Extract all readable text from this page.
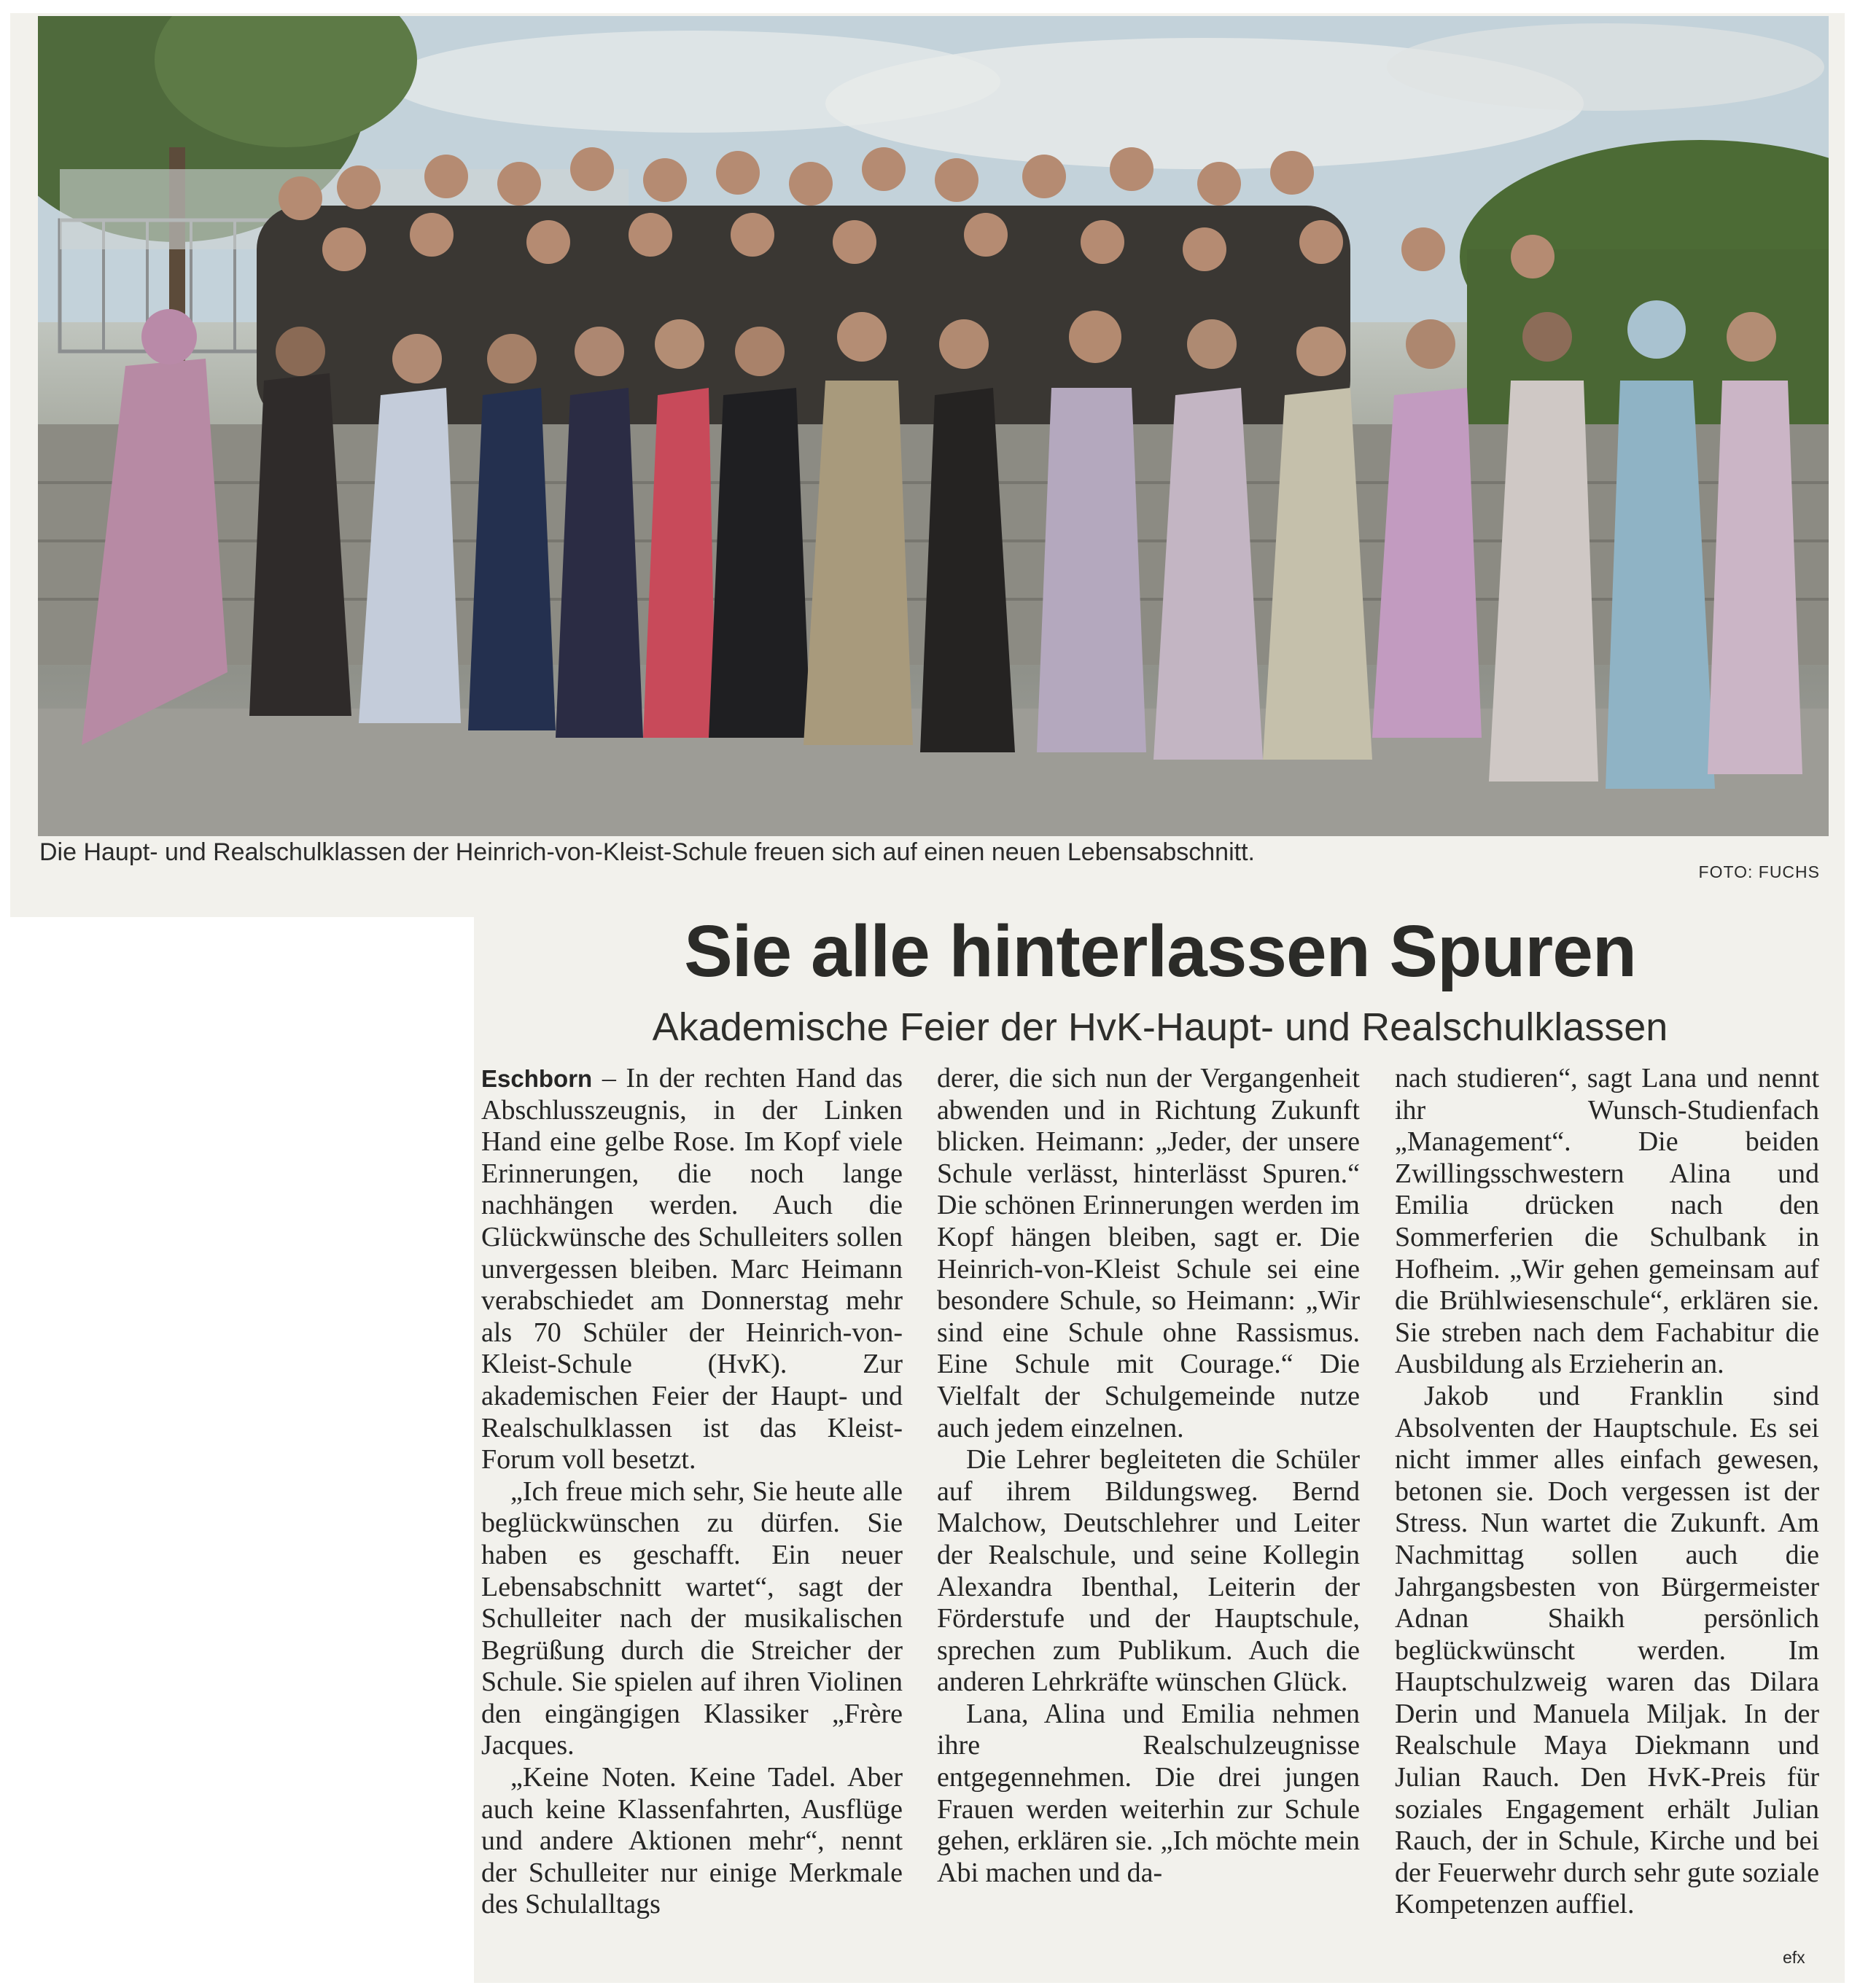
Die Haupt- und Realschulklassen der Heinrich-von-Kleist-Schule freuen sich auf einen neuen Lebensabschnitt.
FOTO: FUCHS
Sie alle hinterlassen Spuren
Akademische Feier der HvK-Haupt- und Realschulklassen

Eschborn – In der rechten Hand das Abschlusszeugnis, in der Linken Hand eine gelbe Rose. Im Kopf viele Erinnerungen, die noch lange nachhängen werden. Auch die Glückwünsche des Schulleiters sollen unvergessen bleiben. Marc Heimann verabschiedet am Donnerstag mehr als 70 Schüler der Heinrich-von-Kleist-Schule (HvK). Zur akademischen Feier der Haupt- und Realschulklassen ist das Kleist-Forum voll besetzt.

„Ich freue mich sehr, Sie heute alle beglückwünschen zu dürfen. Sie haben es geschafft. Ein neuer Lebensabschnitt wartet“, sagt der Schulleiter nach der musikalischen Begrüßung durch die Streicher der Schule. Sie spielen auf ihren Violinen den eingängigen Klassiker „Frère Jacques.

„Keine Noten. Keine Tadel. Aber auch keine Klassenfahrten, Ausflüge und andere Aktionen mehr“, nennt der Schulleiter nur einige Merkmale des Schulalltags

derer, die sich nun der Vergangenheit abwenden und in Richtung Zukunft blicken. Heimann: „Jeder, der unsere Schule verlässt, hinterlässt Spuren.“ Die schönen Erinnerungen werden im Kopf hängen bleiben, sagt er. Die Heinrich-von-Kleist Schule sei eine besondere Schule, so Heimann: „Wir sind eine Schule ohne Rassismus. Eine Schule mit Courage.“ Die Vielfalt der Schulgemeinde nutze auch jedem einzelnen.

Die Lehrer begleiteten die Schüler auf ihrem Bildungsweg. Bernd Malchow, Deutschlehrer und Leiter der Realschule, und seine Kollegin Alexandra Ibenthal, Leiterin der Förderstufe und der Hauptschule, sprechen zum Publikum. Auch die anderen Lehrkräfte wünschen Glück.

Lana, Alina und Emilia nehmen ihre Realschulzeugnisse entgegennehmen. Die drei jungen Frauen werden weiterhin zur Schule gehen, erklären sie. „Ich möchte mein Abi machen und da-

nach studieren“, sagt Lana und nennt ihr Wunsch-Studienfach „Management“. Die beiden Zwillingsschwestern Alina und Emilia drücken nach den Sommerferien die Schulbank in Hofheim. „Wir gehen gemeinsam auf die Brühlwiesenschule“, erklären sie. Sie streben nach dem Fachabitur die Ausbildung als Erzieherin an.

Jakob und Franklin sind Absolventen der Hauptschule. Es sei nicht immer alles einfach gewesen, betonen sie. Doch vergessen ist der Stress. Nun wartet die Zukunft. Am Nachmittag sollen auch die Jahrgangsbesten von Bürgermeister Adnan Shaikh persönlich beglückwünscht werden. Im Hauptschulzweig waren das Dilara Derin und Manuela Miljak. In der Realschule Maya Diekmann und Julian Rauch. Den HvK-Preis für soziales Engagement erhält Julian Rauch, der in Schule, Kirche und bei der Feuerwehr durch sehr gute soziale Kompetenzen auffiel.

efx
